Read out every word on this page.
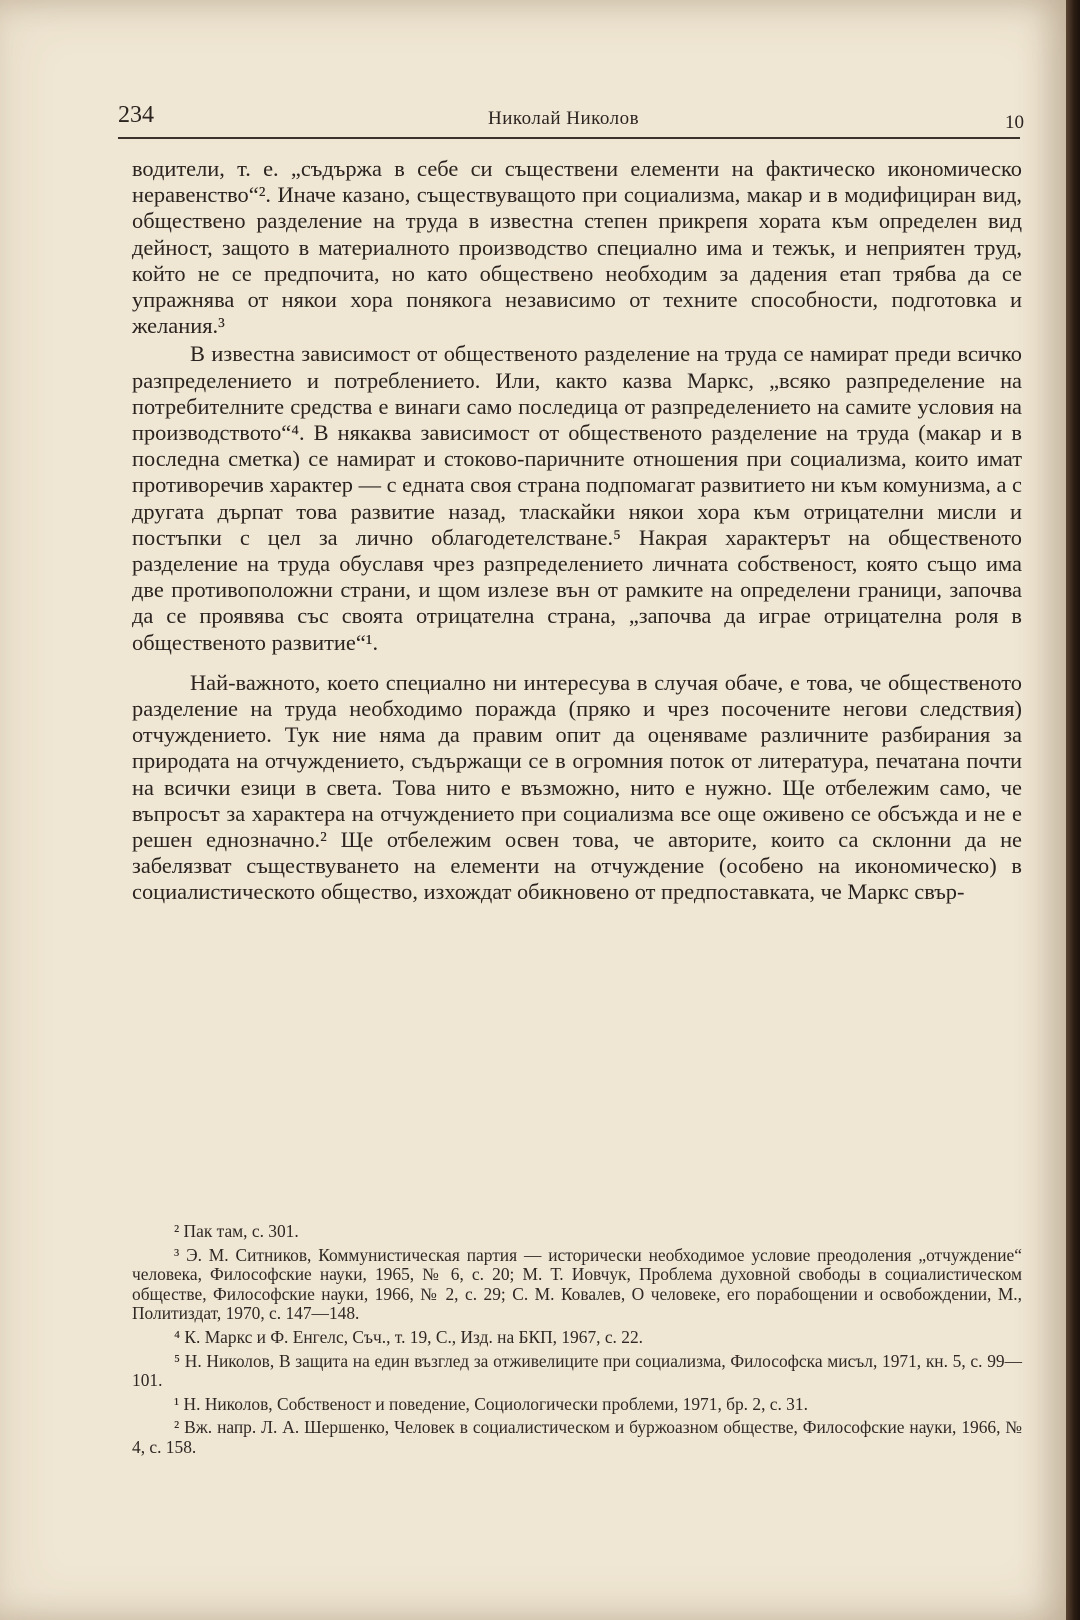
234	Николай Николов	10

водители, т. е. „съдържа в себе си съществени елементи на фактическо икономическо неравенство“². Иначе казано, съществуващото при социализма, макар и в модифициран вид, обществено разделение на труда в известна степен прикрепя хората към определен вид дейност, защото в материалното производство специално има и тежък, и неприятен труд, който не се предпочита, но като обществено необходим за дадения етап трябва да се упражнява от някои хора понякога независимо от техните способности, подготовка и желания.³

В известна зависимост от общественото разделение на труда се намират преди всичко разпределението и потреблението. Или, както казва Маркс, „всяко разпределение на потребителните средства е винаги само последица от разпределението на самите условия на производството“⁴. В някаква зависимост от общественото разделение на труда (макар и в последна сметка) се намират и стоково-паричните отношения при социализма, които имат противоречив характер — с едната своя страна подпомагат развитието ни към комунизма, а с другата дърпат това развитие назад, тласкайки някои хора към отрицателни мисли и постъпки с цел за лично облагодетелстване.⁵ Накрая характерът на общественото разделение на труда обуславя чрез разпределението личната собственост, която също има две противоположни страни, и щом излезе вън от рамките на определени граници, започва да се проявява със своята отрицателна страна, „започва да играе отрицателна роля в общественото развитие“¹.

Най-важното, което специално ни интересува в случая обаче, е това, че общественото разделение на труда необходимо поражда (пряко и чрез посочените негови следствия) отчуждението. Тук ние няма да правим опит да оценяваме различните разбирания за природата на отчуждението, съдържащи се в огромния поток от литература, печатана почти на всички езици в света. Това нито е възможно, нито е нужно. Ще отбележим само, че въпросът за характера на отчуждението при социализма все още оживено се обсъжда и не е решен еднозначно.² Ще отбележим освен това, че авторите, които са склонни да не забелязват съществуването на елементи на отчуждение (особено на икономическо) в социалистическото общество, изхождат обикновено от предпоставката, че Маркс свър-

² Пак там, с. 301.

³ Э. М. Ситников, Коммунистическая партия — исторически необходимое условие преодоления „отчуждение“ человека, Философские науки, 1965, № 6, с. 20; М. Т. Иовчук, Проблема духовной свободы в социалистическом обществе, Философские науки, 1966, № 2, с. 29; С. М. Ковалев, О человеке, его порабощении и освобождении, М., Политиздат, 1970, с. 147—148.

⁴ К. Маркс и Ф. Енгелс, Съч., т. 19, С., Изд. на БКП, 1967, с. 22.

⁵ Н. Николов, В защита на един възглед за отживелиците при социализма, Философска мисъл, 1971, кн. 5, с. 99—101.

¹ Н. Николов, Собственост и поведение, Социологически проблеми, 1971, бр. 2, с. 31.

² Вж. напр. Л. А. Шершенко, Человек в социалистическом и буржоазном обществе, Философские науки, 1966, № 4, с. 158.
